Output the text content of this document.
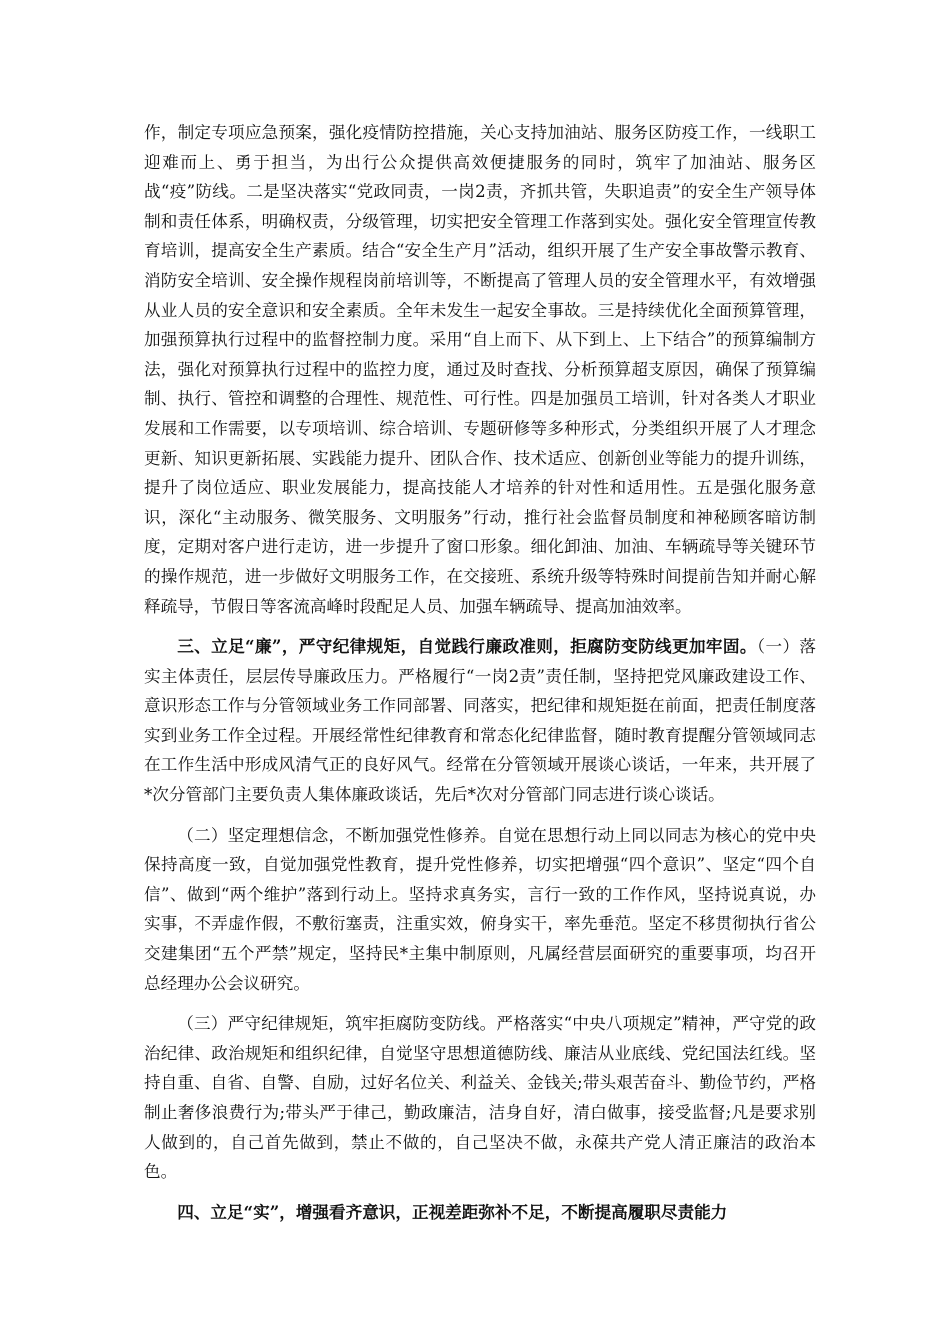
作，制定专项应急预案，强化疫情防控措施，关心支持加油站、服务区防疫工作，一线职工迎难而上、勇于担当，为出行公众提供高效便捷服务的同时，筑牢了加油站、服务区战“疫”防线。二是坚决落实“党政同责，一岗2责，齐抓共管，失职追责”的安全生产领导体制和责任体系，明确权责，分级管理，切实把安全管理工作落到实处。强化安全管理宣传教育培训，提高安全生产素质。结合“安全生产月”活动，组织开展了生产安全事故警示教育、消防安全培训、安全操作规程岗前培训等，不断提高了管理人员的安全管理水平，有效增强从业人员的安全意识和安全素质。全年未发生一起安全事故。三是持续优化全面预算管理，加强预算执行过程中的监督控制力度。采用“自上而下、从下到上、上下结合”的预算编制方法，强化对预算执行过程中的监控力度，通过及时查找、分析预算超支原因，确保了预算编制、执行、管控和调整的合理性、规范性、可行性。四是加强员工培训，针对各类人才职业发展和工作需要，以专项培训、综合培训、专题研修等多种形式，分类组织开展了人才理念更新、知识更新拓展、实践能力提升、团队合作、技术适应、创新创业等能力的提升训练，提升了岗位适应、职业发展能力，提高技能人才培养的针对性和适用性。五是强化服务意识，深化“主动服务、微笑服务、文明服务”行动，推行社会监督员制度和神秘顾客暗访制度，定期对客户进行走访，进一步提升了窗口形象。细化卸油、加油、车辆疏导等关键环节的操作规范，进一步做好文明服务工作，在交接班、系统升级等特殊时间提前告知并耐心解释疏导，节假日等客流高峰时段配足人员、加强车辆疏导、提高加油效率。

三、立足“廉”，严守纪律规矩，自觉践行廉政准则，拒腐防变防线更加牢固。（一）落实主体责任，层层传导廉政压力。严格履行“一岗2责”责任制，坚持把党风廉政建设工作、意识形态工作与分管领域业务工作同部署、同落实，把纪律和规矩挺在前面，把责任制度落实到业务工作全过程。开展经常性纪律教育和常态化纪律监督，随时教育提醒分管领域同志在工作生活中形成风清气正的良好风气。经常在分管领域开展谈心谈话，一年来，共开展了*次分管部门主要负责人集体廉政谈话，先后*次对分管部门同志进行谈心谈话。

（二）坚定理想信念，不断加强党性修养。自觉在思想行动上同以同志为核心的党中央保持高度一致，自觉加强党性教育，提升党性修养，切实把增强“四个意识”、坚定“四个自信”、做到“两个维护”落到行动上。坚持求真务实，言行一致的工作作风，坚持说真说，办实事，不弄虚作假，不敷衍塞责，注重实效，俯身实干，率先垂范。坚定不移贯彻执行省公交建集团“五个严禁”规定，坚持民*主集中制原则，凡属经营层面研究的重要事项，均召开总经理办公会议研究。

（三）严守纪律规矩，筑牢拒腐防变防线。严格落实“中央八项规定”精神，严守党的政治纪律、政治规矩和组织纪律，自觉坚守思想道德防线、廉洁从业底线、党纪国法红线。坚持自重、自省、自警、自励，过好名位关、利益关、金钱关;带头艰苦奋斗、勤俭节约，严格制止奢侈浪费行为;带头严于律己，勤政廉洁，洁身自好，清白做事，接受监督;凡是要求别人做到的，自己首先做到，禁止不做的，自己坚决不做，永葆共产党人清正廉洁的政治本色。

四、立足“实”，增强看齐意识，正视差距弥补不足，不断提高履职尽责能力
